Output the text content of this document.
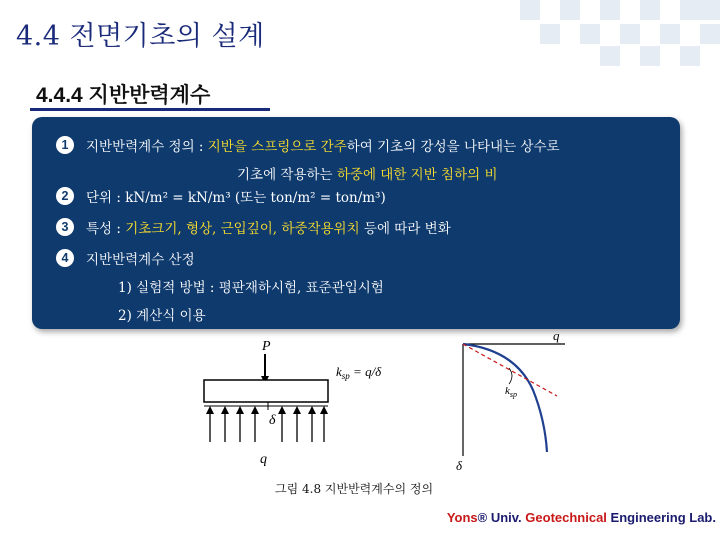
4.4 전면기초의 설계
4.4.4 지반반력계수
1
2
3
4
지반반력계수 정의 : 지반을 스프링으로 간주하여 기초의 강성을 나타내는 상수로
기초에 작용하는 하중에 대한 지반 침하의 비
단위 : kN/m² = kN/m³ (또는 ton/m² = ton/m³)
특성 : 기초크기, 형상, 근입깊이, 하중작용위치 등에 따라 변화
지반반력계수 산정
1) 실험적 방법 : 평판재하시험, 표준관입시험
2) 계산식 이용
P
δ
q
$k_{sp} = q/\delta$
q
δ
$k_{sp}$
그림 4.8 지반반력계수의 정의
Yons® Univ. Geotechnical Engineering Lab.
